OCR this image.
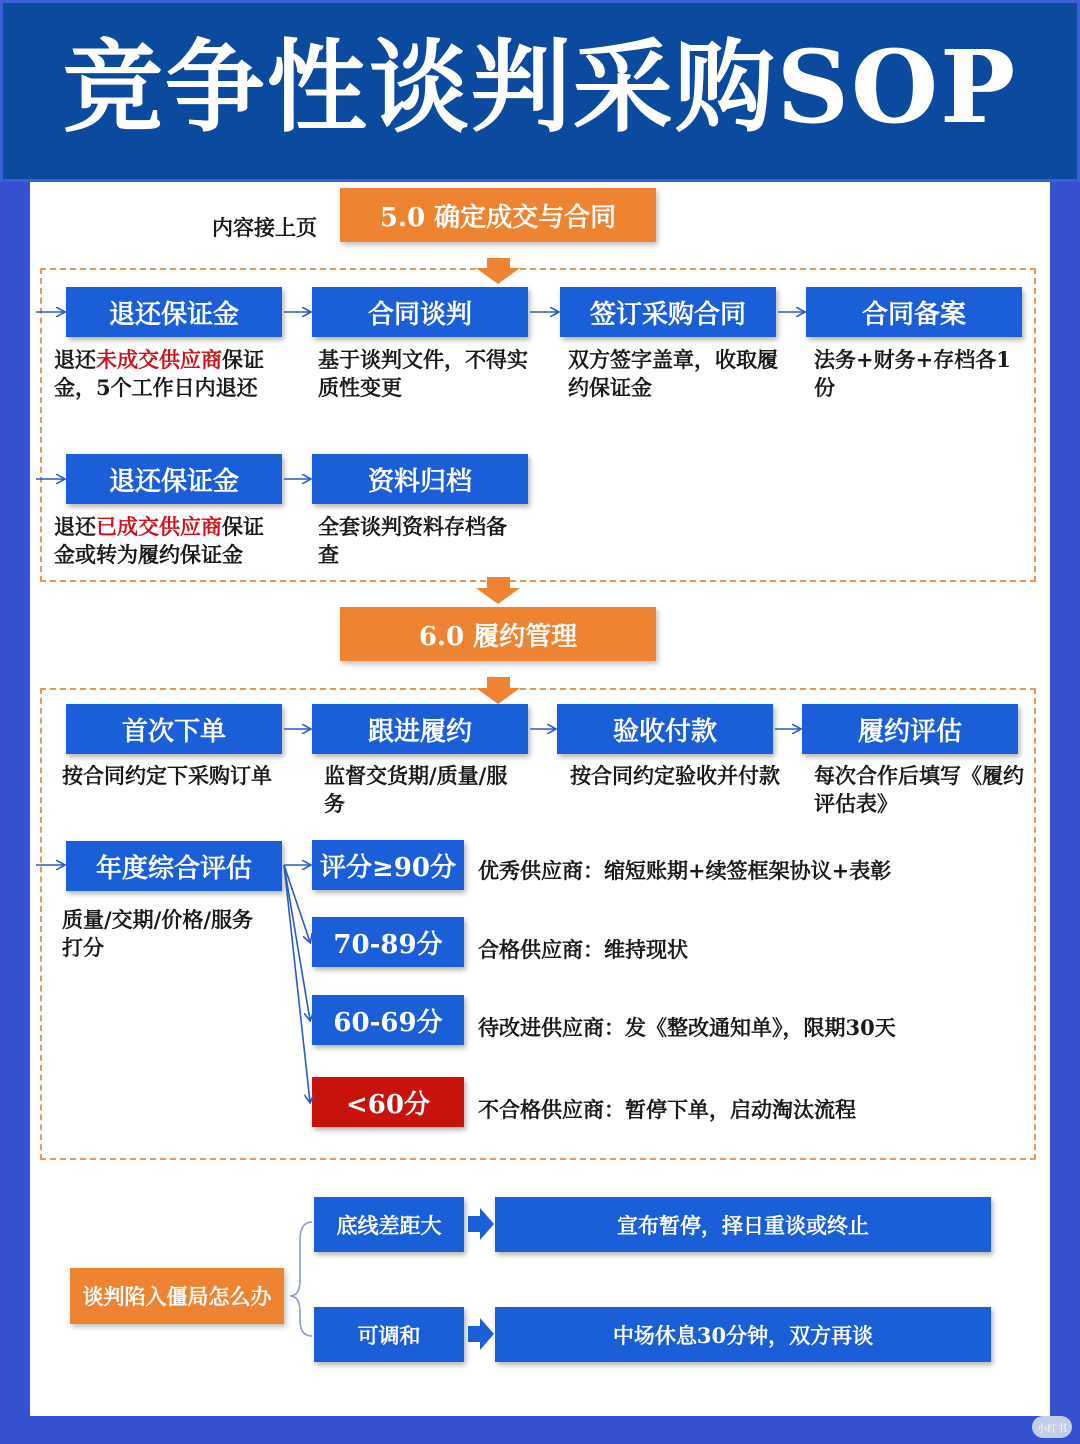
竞争性谈判采购SOP
内容接上页	5.0 确定成交与合同
退还保证金	合同谈判	签订采购合同	合同备案
退还未成交供应商保证金，5个工作日内退还
基于谈判文件，不得实质性变更
双方签字盖章，收取履约保证金
法务+财务+存档各1份
退还保证金	资料归档
退还已成交供应商保证金或转为履约保证金
全套谈判资料存档备查
6.0 履约管理
首次下单	跟进履约	验收付款	履约评估
按合同约定下采购订单	监督交货期/质量/服务
按合同约定验收并付款	每次合作后填写《履约评估表》
年度综合评估
质量/交期/价格/服务打分
评分≥90分
70-89分
60-69分
<60分
优秀供应商：缩短账期+续签框架协议+表彰
合格供应商：维持现状
待改进供应商：发《整改通知单》，限期30天
不合格供应商：暂停下单，启动淘汰流程
谈判陷入僵局怎么办
底线差距大
可调和
宣布暂停，择日重谈或终止
中场休息30分钟，双方再谈
小红书
